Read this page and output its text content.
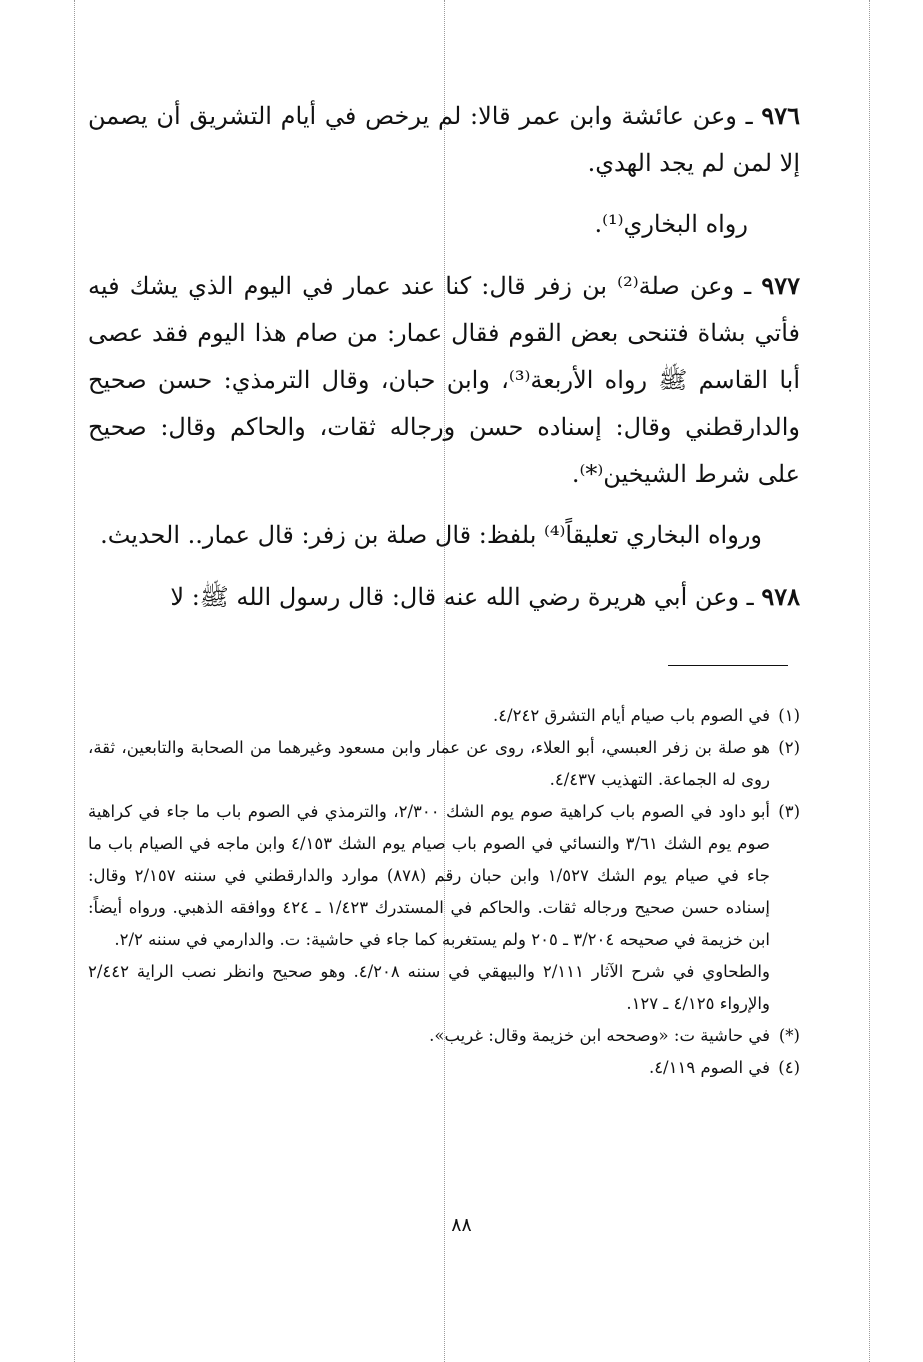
٩٧٦ ـ وعن عائشة وابن عمر قالا: لم يرخص في أيام التشريق أن يصمن إلا لمن لم يجد الهدي.

رواه البخاري⁽¹⁾.

٩٧٧ ـ وعن صلة⁽²⁾ بن زفر قال: كنا عند عمار في اليوم الذي يشك فيه فأتي بشاة فتنحى بعض القوم فقال عمار: من صام هذا اليوم فقد عصى أبا القاسم ﷺ رواه الأربعة⁽³⁾، وابن حبان، وقال الترمذي: حسن صحيح والدارقطني وقال: إسناده حسن ورجاله ثقات، والحاكم وقال: صحيح على شرط الشيخين⁽*⁾.

ورواه البخاري تعليقاً⁽⁴⁾ بلفظ: قال صلة بن زفر: قال عمار.. الحديث.

٩٧٨ ـ وعن أبي هريرة رضي الله عنه قال: قال رسول الله ﷺ: لا

(١)
في الصوم باب صيام أيام التشرق ٤/٢٤٢.

(٢)
هو صلة بن زفر العبسي، أبو العلاء، روى عن عمار وابن مسعود وغيرهما من الصحابة والتابعين، ثقة، روى له الجماعة. التهذيب ٤/٤٣٧.

(٣)
أبو داود في الصوم باب كراهية صوم يوم الشك ٢/٣٠٠، والترمذي في الصوم باب ما جاء في كراهية صوم يوم الشك ٣/٦١ والنسائي في الصوم باب صيام يوم الشك ٤/١٥٣ وابن ماجه في الصيام باب ما جاء في صيام يوم الشك ١/٥٢٧ وابن حبان رقم (٨٧٨) موارد والدارقطني في سننه ٢/١٥٧ وقال: إسناده حسن صحيح ورجاله ثقات. والحاكم في المستدرك ١/٤٢٣ ـ ٤٢٤ ووافقه الذهبي. ورواه أيضاً: ابن خزيمة في صحيحه ٣/٢٠٤ ـ ٢٠٥ ولم يستغربه كما جاء في حاشية: ت. والدارمي في سننه ٢/٢.

والطحاوي في شرح الآثار ٢/١١١ والبيهقي في سننه ٤/٢٠٨. وهو صحيح وانظر نصب الراية ٢/٤٤٢ والإرواء ٤/١٢٥ ـ ١٢٧.

(*)
في حاشية ت: «وصححه ابن خزيمة وقال: غريب».

(٤)
في الصوم ٤/١١٩.

٨٨
